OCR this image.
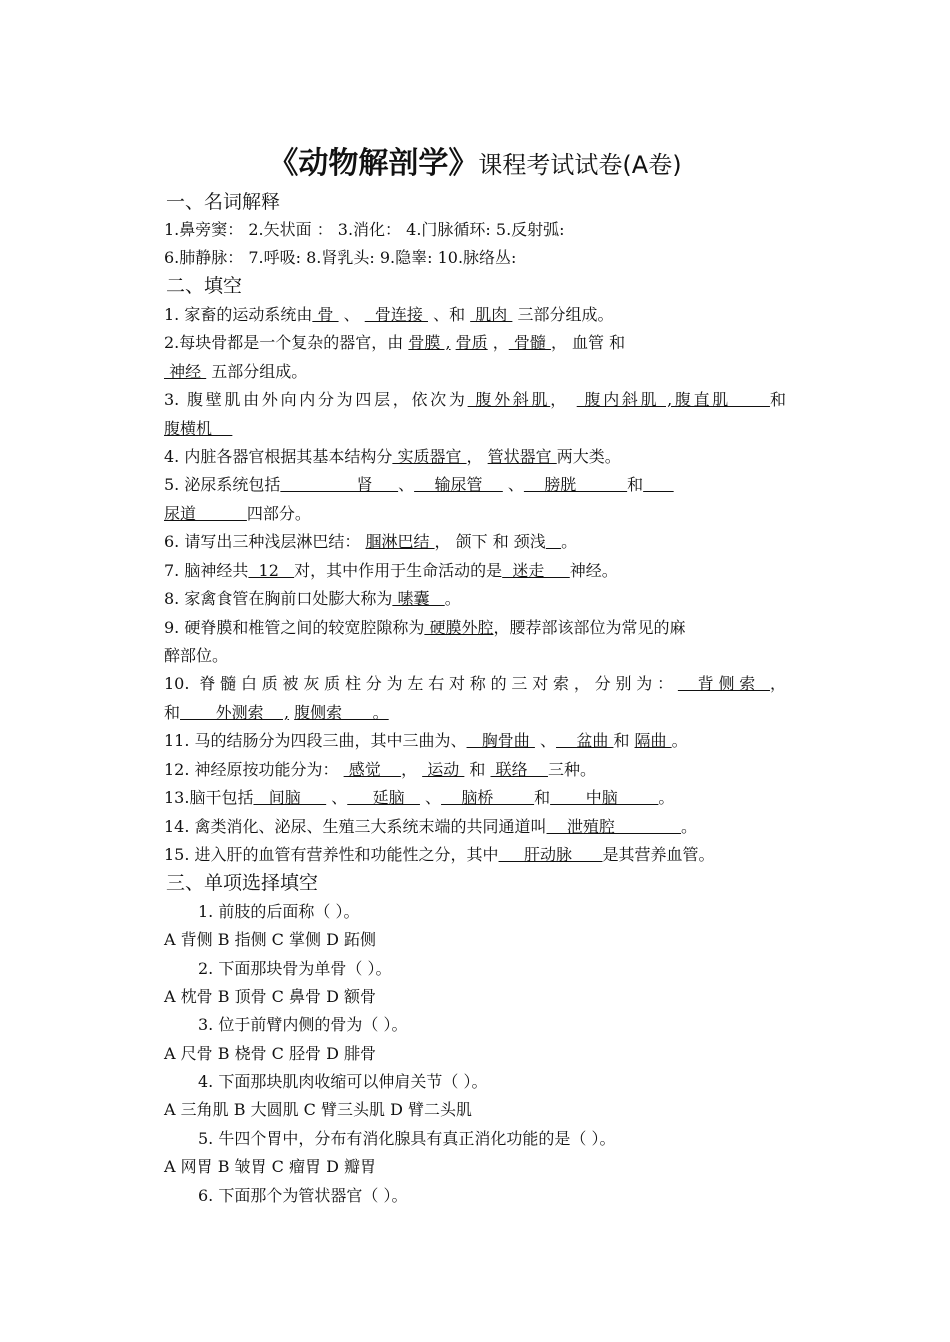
《动物解剖学》课程考试试卷(A卷)
一、名词解释
1.鼻旁窦： 2.矢状面 ： 3.消化： 4.门脉循环: 5.反射弧:
6.肺静脉： 7.呼吸: 8.肾乳头: 9.隐睾: 10.脉络丛:
二、填空
1. 家畜的运动系统由 骨  、   骨连接  、和  肌肉  三部分组成。
2.每块骨都是一个复杂的器官，由 骨膜 , 骨质 ， 骨髓 ， 血管 和
神经  五部分组成。
3. 腹壁肌由外向内分为四层，依次为 腹外斜肌，  腹内斜肌 ,腹直肌     和
腹横机
4. 内脏各器官根据其基本结构分 实质器官 ， 管状器官 两大类。
5. 泌尿系统包括               肾     、    输尿管     、    膀胱          和
尿道          四部分。
6. 请写出三种浅层淋巴结： 腘淋巴结 ， 颌下 和 颈浅 。
7. 脑神经共  12   对，其中作用于生命活动的是  迷走     神经。
8. 家禽食管在胸前口处膨大称为 嗉囊   。
9. 硬脊膜和椎管之间的较宽腔隙称为 硬膜外腔，腰荐部该部位为常见的麻
醉部位。
10. 脊髓白质被灰质柱分为左右对称的三对索，分别为：  背侧索 ，
和       外测索    , 腹侧索      。
11. 马的结肠分为四段三曲，其中三曲为、   胸骨曲  、    盆曲 和 隔曲 。
12. 神经原按功能分为：  感觉    ，  运动  和  联络    三种。
13.脑干包括   间脑      、     延脑    、    脑桥        和       中脑        。
14. 禽类消化、泌尿、生殖三大系统末端的共同通道叫    泄殖腔             。
15. 进入肝的血管有营养性和功能性之分，其中     肝动脉      是其营养血管。
三、单项选择填空
1. 前肢的后面称（ ）。
A 背侧 B 指侧 C 掌侧 D 跖侧
2. 下面那块骨为单骨（ ）。
A 枕骨 B 顶骨 C 鼻骨 D 额骨
3. 位于前臂内侧的骨为（ ）。
A 尺骨 B 桡骨 C 胫骨 D 腓骨
4. 下面那块肌肉收缩可以伸肩关节（ ）。
A 三角肌 B 大圆肌 C 臂三头肌 D 臂二头肌
5. 牛四个胃中，分布有消化腺具有真正消化功能的是（ ）。
A 网胃 B 皱胃 C 瘤胃 D 瓣胃
6. 下面那个为管状器官（ ）。
